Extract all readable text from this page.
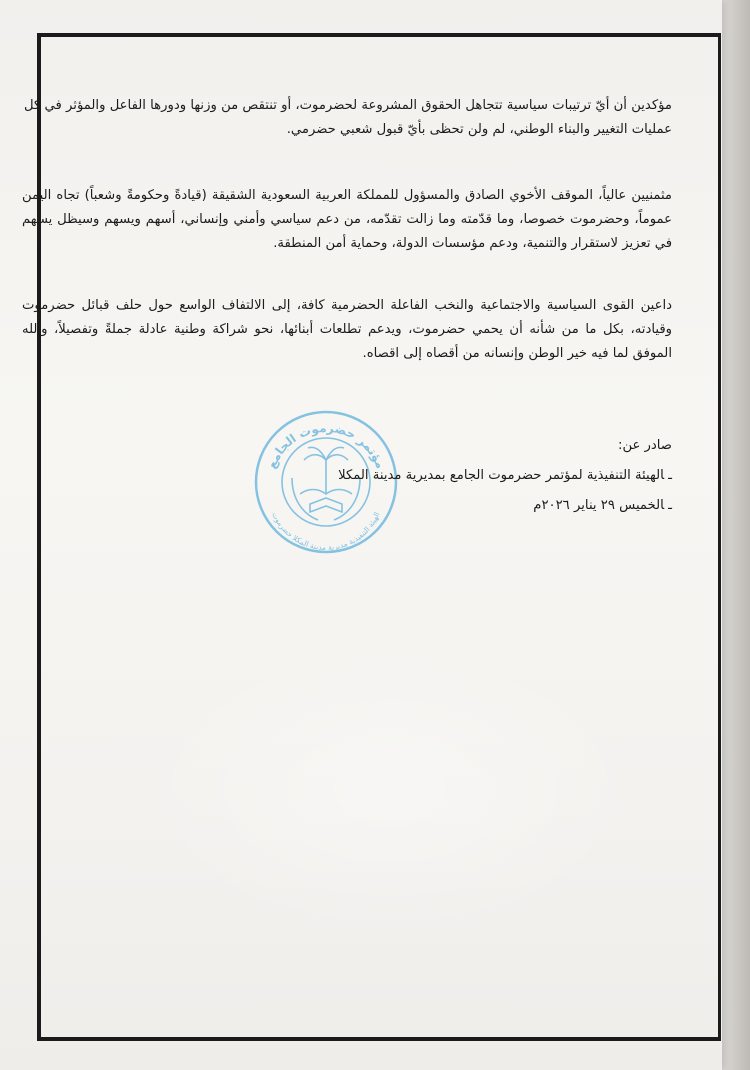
مؤكدين أن أيّ ترتيبات سياسية تتجاهل الحقوق المشروعة لحضرموت، أو تنتقص من وزنها ودورها الفاعل والمؤثر في كل عمليات التغيير والبناء الوطني، لم ولن تحظى بأيّ قبول شعبي حضرمي.

مثمنيين عالياً، الموقف الأخوي الصادق والمسؤول للمملكة العربية السعودية الشقيقة (قيادةً وحكومةً وشعباً) تجاه اليمن عموماً، وحضرموت خصوصا، وما قدّمته وما زالت تقدّمه، من دعم سياسي وأمني وإنساني، أسهم ويسهم وسيظل يسهم في تعزيز لاستقرار والتنمية، ودعم مؤسسات الدولة، وحماية أمن المنطقة.

داعين القوى السياسية والاجتماعية والنخب الفاعلة الحضرمية كافة، إلى الالتفاف الواسع حول حلف قبائل حضرموت وقيادته، بكل ما من شأنه أن يحمي حضرموت، ويدعم تطلعات أبنائها، نحو شراكة وطنية عادلة جملةً وتفصيلاً، والله الموفق لما فيه خير الوطن وإنسانه من أقصاه إلى اقصاه.

مؤتمر حضرموت الجامع
الهيئة التنفيذية مديرية مدينة المكلا حضرموت
صادر عن:
ـالهيئة التنفيذية لمؤتمر حضرموت الجامع بمديرية مدينة المكلا
ـالخميس ٢٩ يناير ٢٠٢٦م
